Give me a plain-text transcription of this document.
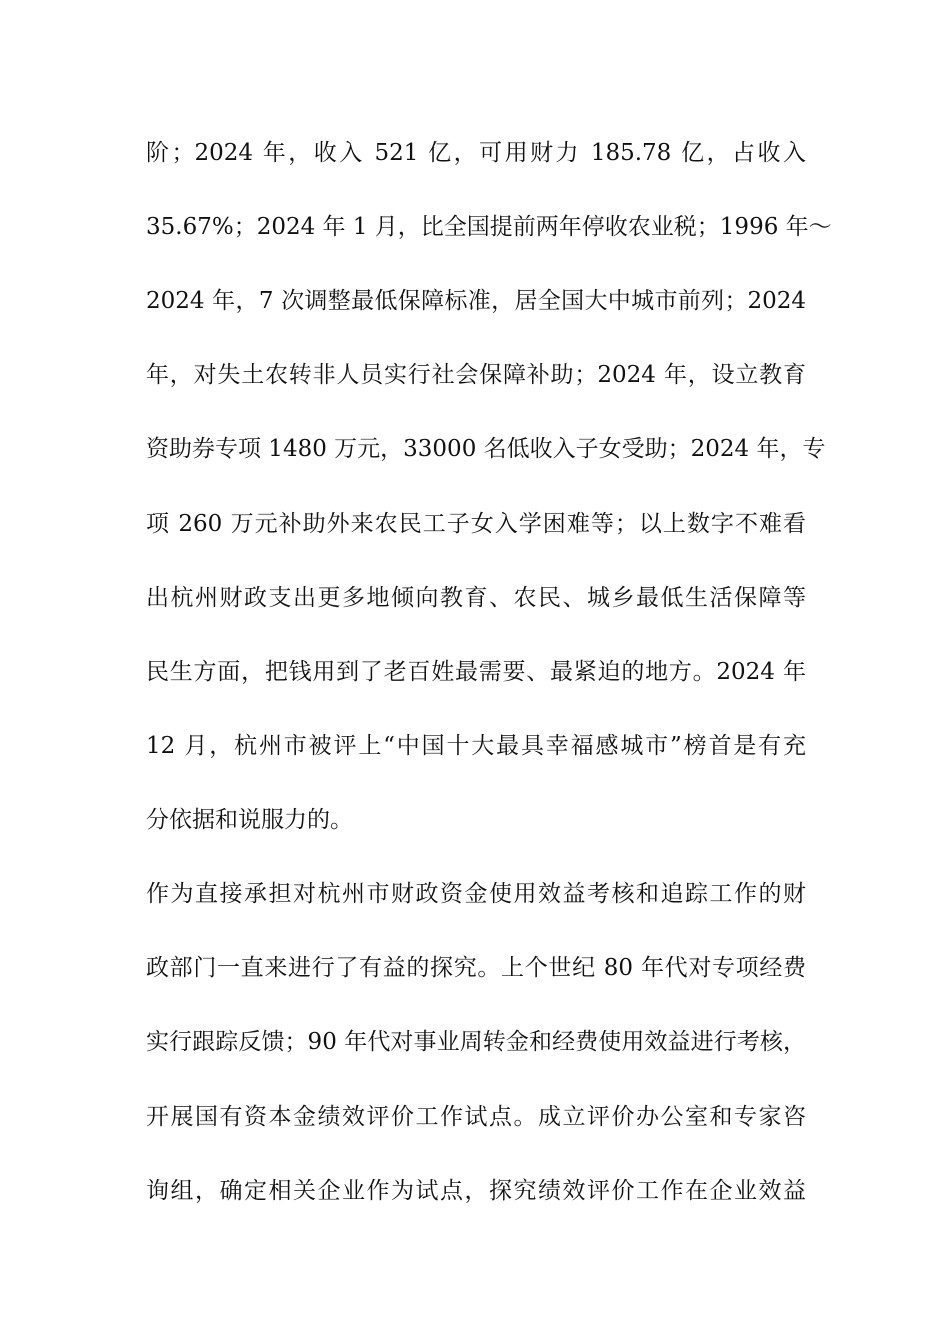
阶；2024 年，收入 521 亿，可用财力 185.78 亿，占收入
35.67%；2024 年 1 月，比全国提前两年停收农业税；1996 年～
2024 年，7 次调整最低保障标准，居全国大中城市前列；2024
年，对失土农转非人员实行社会保障补助；2024 年，设立教育
资助券专项 1480 万元，33000 名低收入子女受助；2024 年，专
项 260 万元补助外来农民工子女入学困难等；以上数字不难看
出杭州财政支出更多地倾向教育、农民、城乡最低生活保障等
民生方面，把钱用到了老百姓最需要、最紧迫的地方。2024 年
12 月，杭州市被评上“中国十大最具幸福感城市”榜首是有充
分依据和说服力的。
作为直接承担对杭州市财政资金使用效益考核和追踪工作的财
政部门一直来进行了有益的探究。上个世纪 80 年代对专项经费
实行跟踪反馈；90 年代对事业周转金和经费使用效益进行考核，
开展国有资本金绩效评价工作试点。成立评价办公室和专家咨
询组，确定相关企业作为试点，探究绩效评价工作在企业效益
